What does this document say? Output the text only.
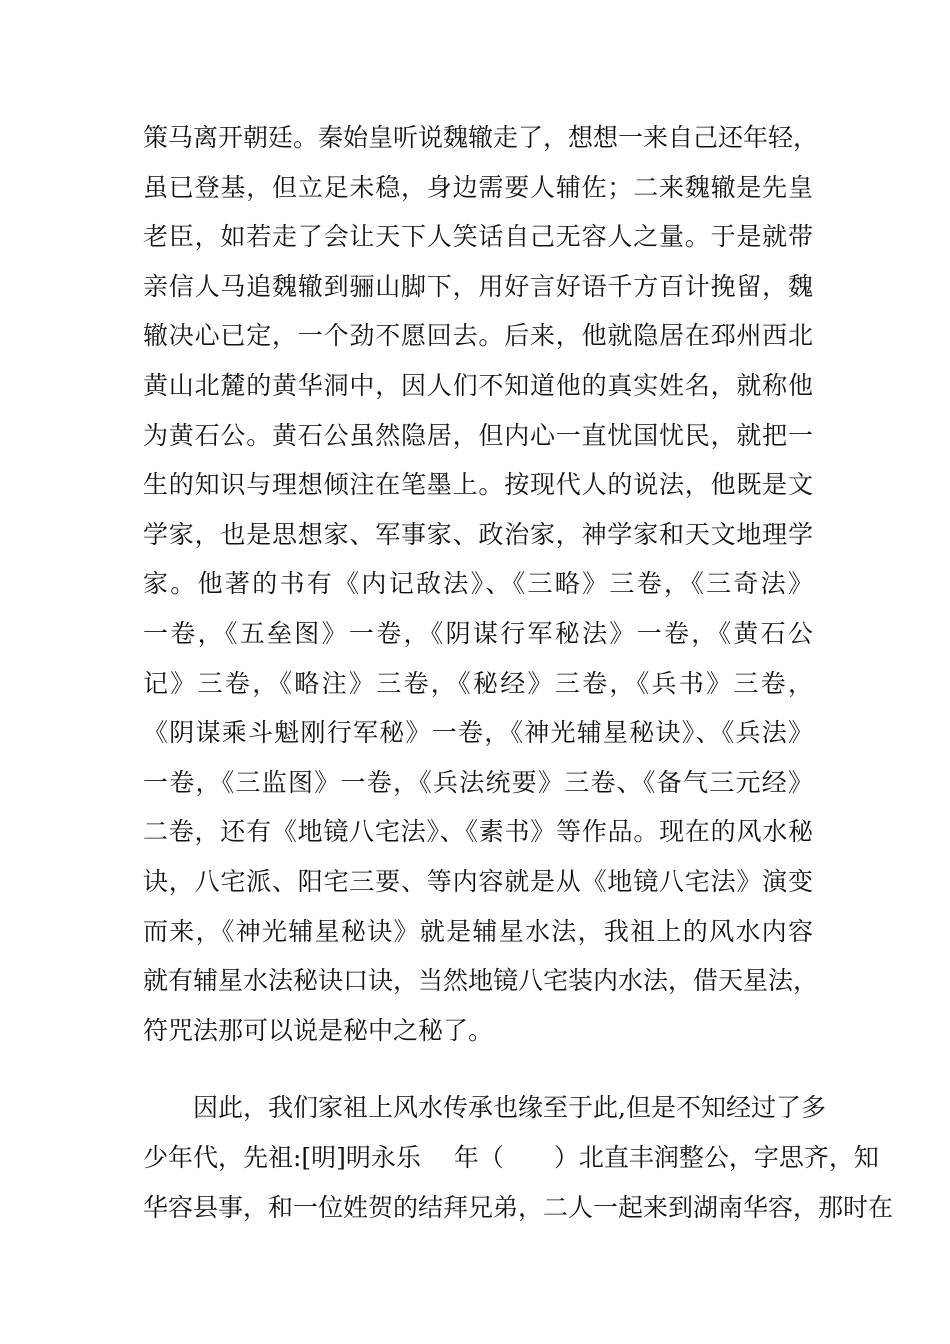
策马离开朝廷。秦始皇听说魏辙走了，想想一来自己还年轻，
虽已登基，但立足未稳，身边需要人辅佐；二来魏辙是先皇
老臣，如若走了会让天下人笑话自己无容人之量。于是就带
亲信人马追魏辙到骊山脚下，用好言好语千方百计挽留，魏
辙决心已定，一个劲不愿回去。后来，他就隐居在邳州西北
黄山北麓的黄华洞中，因人们不知道他的真实姓名，就称他
为黄石公。黄石公虽然隐居，但内心一直忧国忧民，就把一
生的知识与理想倾注在笔墨上。按现代人的说法，他既是文
学家，也是思想家、军事家、政治家，神学家和天文地理学
家。他著的书有《内记敌法》、《三略》三卷，《三奇法》
一卷，《五垒图》一卷，《阴谋行军秘法》一卷，《黄石公
记》三卷，《略注》三卷，《秘经》三卷，《兵书》三卷，
《阴谋乘斗魁刚行军秘》一卷，《神光辅星秘诀》、《兵法》
一卷，《三监图》一卷，《兵法统要》三卷、《备气三元经》
二卷，还有《地镜八宅法》、《素书》等作品。现在的风水秘
诀，八宅派、阳宅三要、等内容就是从《地镜八宅法》演变
而来，《神光辅星秘诀》就是辅星水法，我祖上的风水内容
就有辅星水法秘诀口诀，当然地镜八宅装内水法，借天星法，
符咒法那可以说是秘中之秘了。
因此，我们家祖上风水传承也缘至于此,但是不知经过了多
少年代，先祖:[明]明永乐　 年（　　）北直丰润整公，字思齐，知
华容县事，和一位姓贺的结拜兄弟，二人一起来到湖南华容，那时在
